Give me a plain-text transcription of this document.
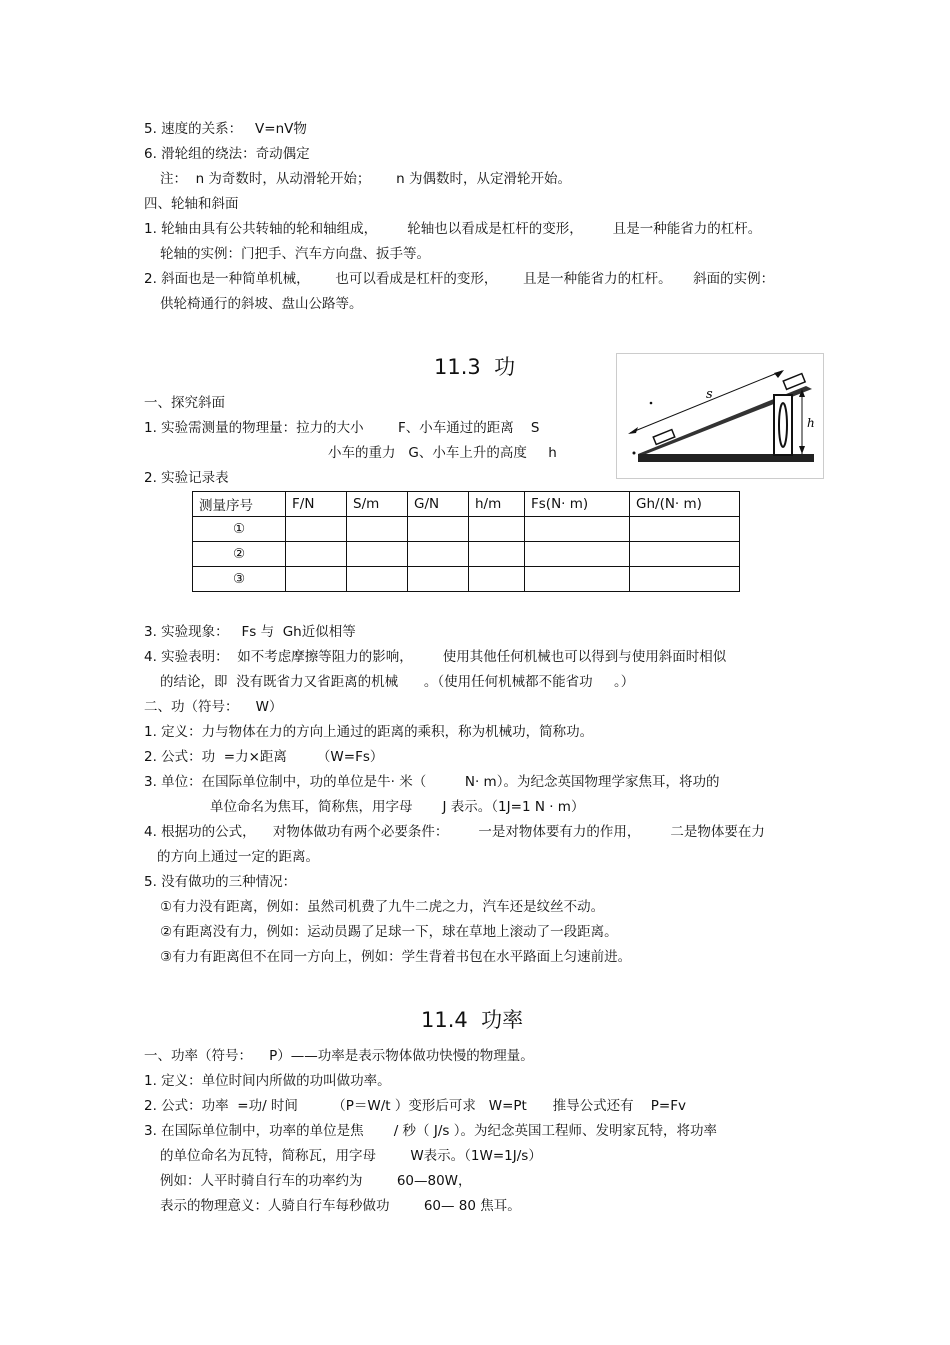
5. 速度的关系：   V=nV物
6. 滑轮组的绕法：奇动偶定
注：  n 为奇数时，从动滑轮开始；      n 为偶数时，从定滑轮开始。
四、轮轴和斜面
1. 轮轴由具有公共转轴的轮和轴组成，       轮轴也以看成是杠杆的变形，       且是一种能省力的杠杆。
轮轴的实例：门把手、汽车方向盘、扳手等。
2. 斜面也是一种简单机械，      也可以看成是杠杆的变形，      且是一种能省力的杠杆。     斜面的实例：
供轮椅通行的斜坡、盘山公路等。
11.3  功
s
h
一、探究斜面
1. 实验需测量的物理量：拉力的大小        F、小车通过的距离    S
小车的重力   G、小车上升的高度     h
2. 实验记录表
测量序号	F/N	S/m	G/N	h/m	Fs(N· m)	Gh/(N· m)
①						
②						
③						
3. 实验现象：   Fs 与  Gh近似相等
4. 实验表明：  如不考虑摩擦等阻力的影响，       使用其他任何机械也可以得到与使用斜面时相似
的结论，即  没有既省力又省距离的机械      。（使用任何机械都不能省功     。）
二、功（符号：    W）
1. 定义：力与物体在力的方向上通过的距离的乘积，称为机械功，简称功。
2. 公式：功  =力×距离       （W=Fs）
3. 单位：在国际单位制中，功的单位是牛· 米（         N· m）。为纪念英国物理学家焦耳，将功的
单位命名为焦耳，简称焦，用字母       J 表示。（1J=1 N · m）
4. 根据功的公式，    对物体做功有两个必要条件：       一是对物体要有力的作用，       二是物体要在力
的方向上通过一定的距离。
5. 没有做功的三种情况：
①有力没有距离，例如：虽然司机费了九牛二虎之力，汽车还是纹丝不动。
②有距离没有力，例如：运动员踢了足球一下，球在草地上滚动了一段距离。
③有力有距离但不在同一方向上，例如：学生背着书包在水平路面上匀速前进。
11.4  功率
一、功率（符号：    P）——功率是表示物体做功快慢的物理量。
1. 定义：单位时间内所做的功叫做功率。
2. 公式：功率  =功/ 时间        （P＝W/t ）变形后可求   W=Pt      推导公式还有    P=Fv
3. 在国际单位制中，功率的单位是焦       / 秒（ J/s ）。为纪念英国工程师、发明家瓦特，将功率
的单位命名为瓦特，简称瓦，用字母        W表示。（1W=1J/s）
例如：人平时骑自行车的功率约为        60—80W，
表示的物理意义：人骑自行车每秒做功        60— 80 焦耳。
